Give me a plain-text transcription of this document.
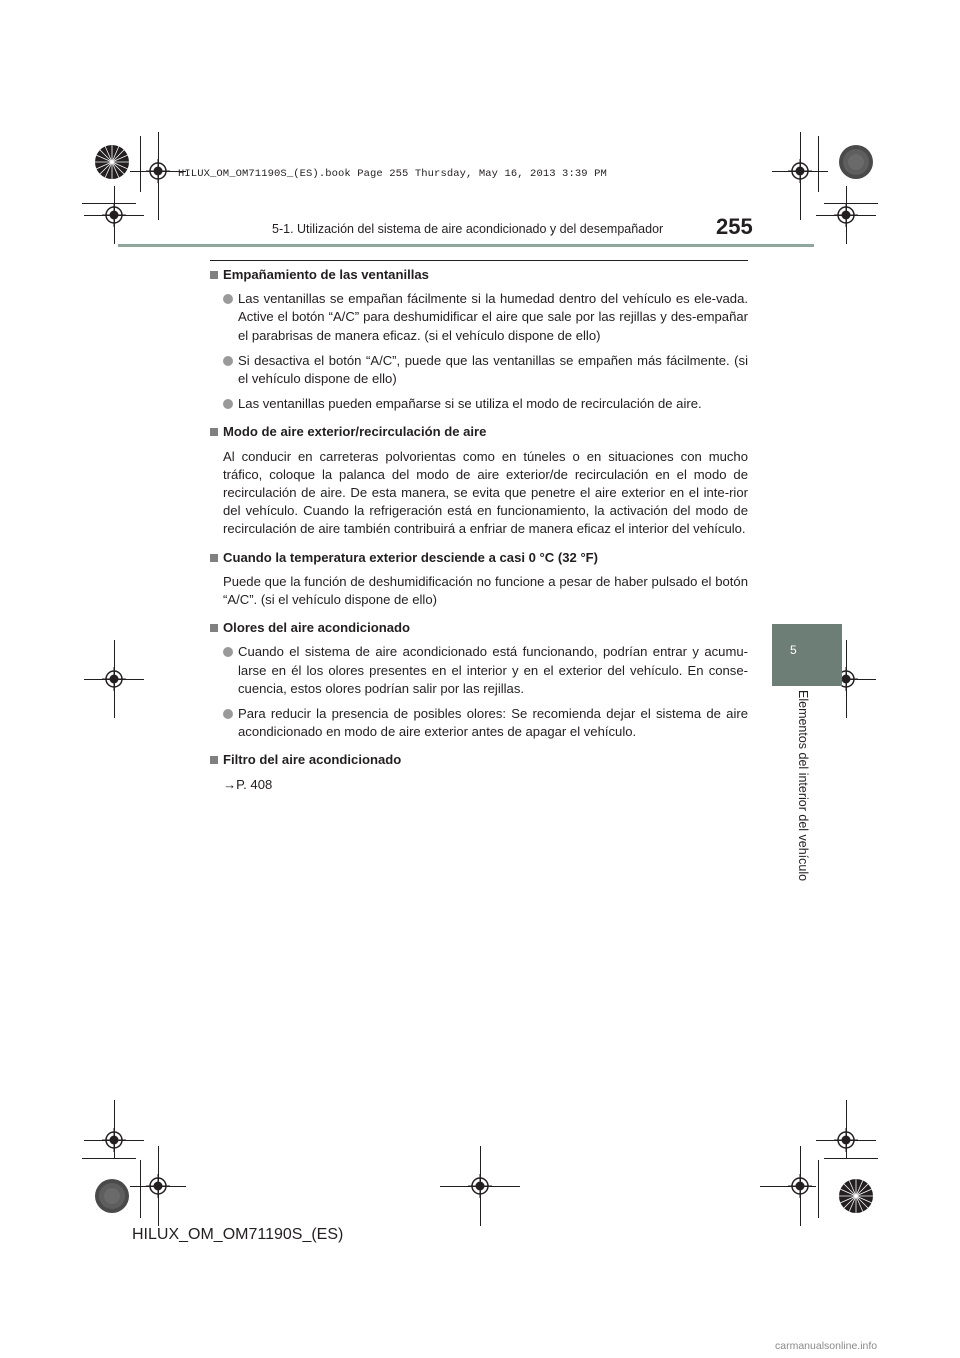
HILUX_OM_OM71190S_(ES).book Page 255 Thursday, May 16, 2013 3:39 PM
5-1. Utilización del sistema de aire acondicionado y del desempañador 255
5
Elementos del interior del vehículo
Empañamiento de las ventanillas
Las ventanillas se empañan fácilmente si la humedad dentro del vehículo es ele-vada. Active el botón “A/C” para deshumidificar el aire que sale por las rejillas y des-empañar el parabrisas de manera eficaz. (si el vehículo dispone de ello)
Si desactiva el botón “A/C”, puede que las ventanillas se empañen más fácilmente. (si el vehículo dispone de ello)
Las ventanillas pueden empañarse si se utiliza el modo de recirculación de aire.
Modo de aire exterior/recirculación de aire
Al conducir en carreteras polvorientas como en túneles o en situaciones con mucho tráfico, coloque la palanca del modo de aire exterior/de recirculación en el modo de recirculación de aire. De esta manera, se evita que penetre el aire exterior en el inte-rior del vehículo. Cuando la refrigeración está en funcionamiento, la activación del modo de recirculación de aire también contribuirá a enfriar de manera eficaz el interior del vehículo.
Cuando la temperatura exterior desciende a casi 0 °C (32 °F)
Puede que la función de deshumidificación no funcione a pesar de haber pulsado el botón “A/C”. (si el vehículo dispone de ello)
Olores del aire acondicionado
Cuando el sistema de aire acondicionado está funcionando, podrían entrar y acumu-larse en él los olores presentes en el interior y en el exterior del vehículo. En conse-cuencia, estos olores podrían salir por las rejillas.
Para reducir la presencia de posibles olores: Se recomienda dejar el sistema de aire acondicionado en modo de aire exterior antes de apagar el vehículo.
Filtro del aire acondicionado
→P. 408
HILUX_OM_OM71190S_(ES)
carmanualsonline.info
